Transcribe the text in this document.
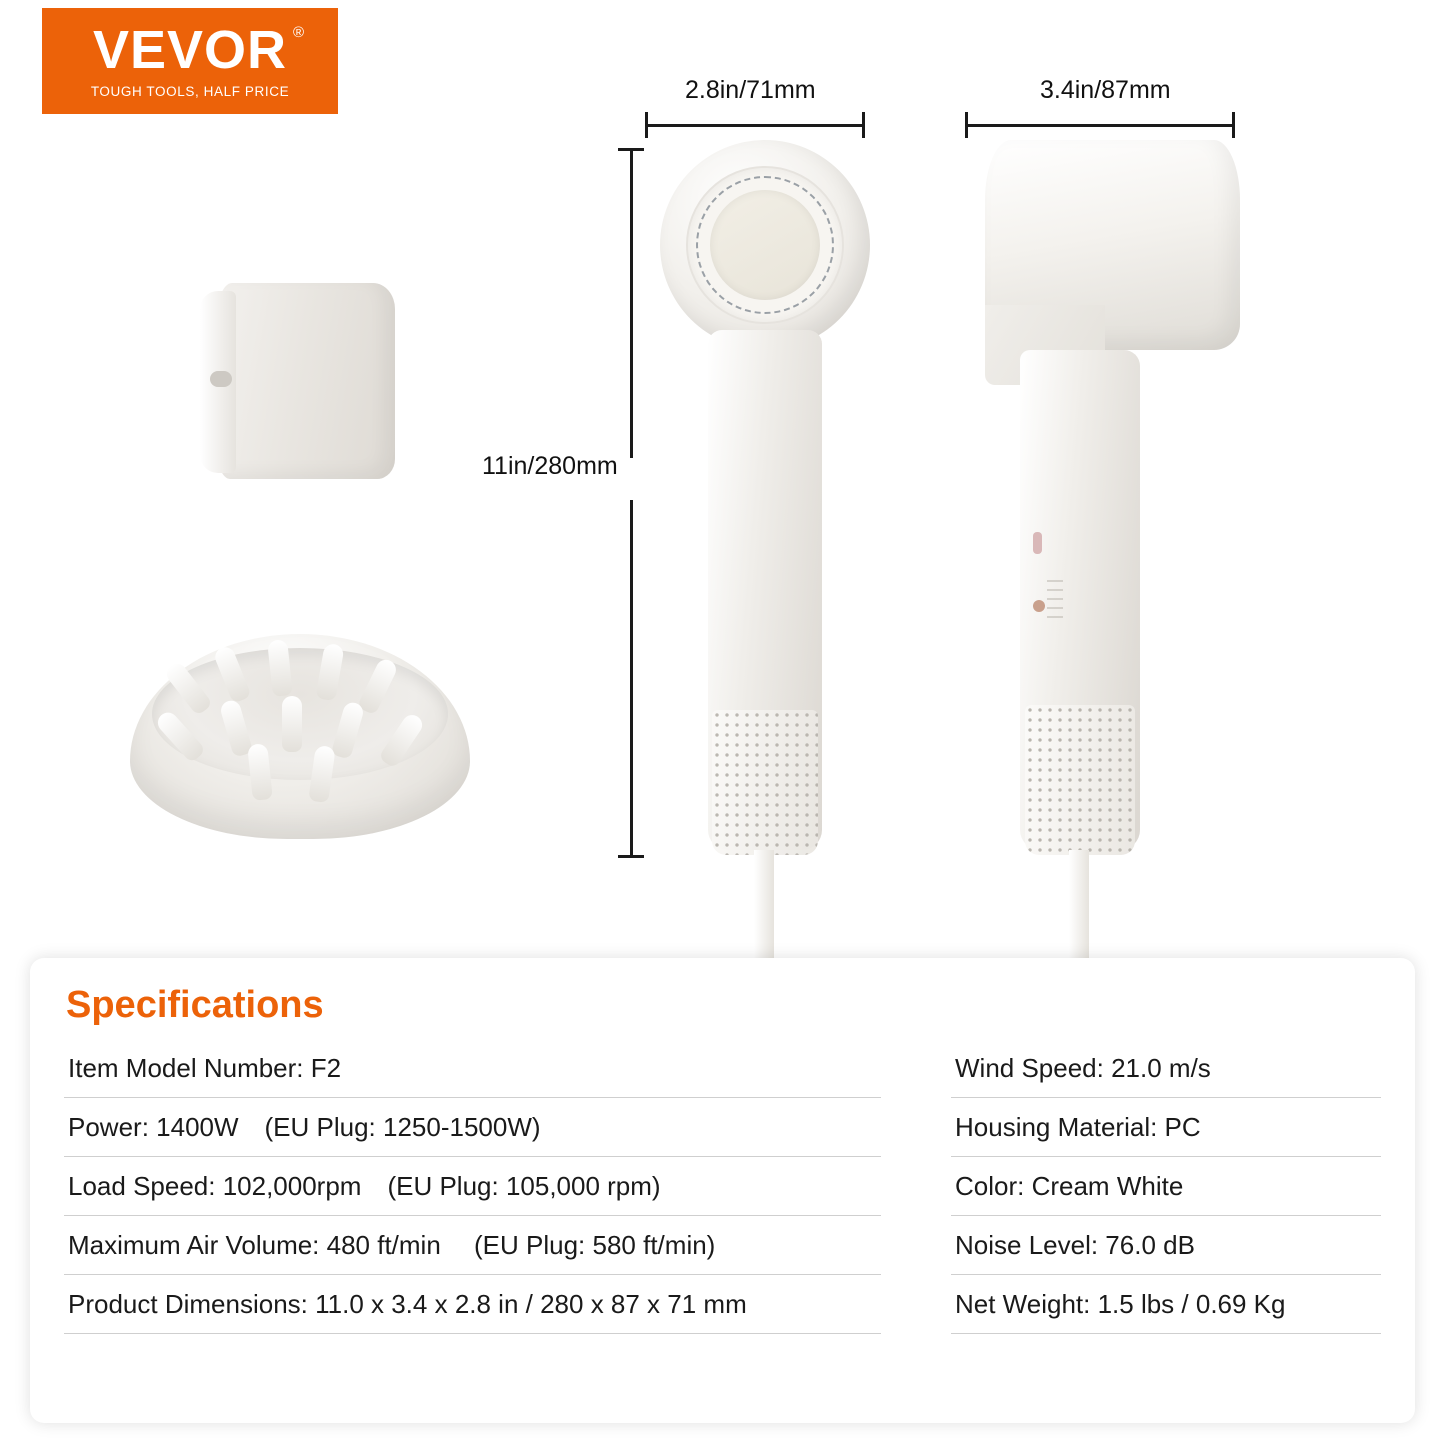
VEVOR ®
TOUGH TOOLS, HALF PRICE	2.8in/71mm	3.4in/87mm
11in/280mm
Specifications
Item Model Number: F2
Power: 1400W (EU Plug: 1250-1500W)
Load Speed: 102,000rpm (EU Plug: 105,000 rpm)
Maximum Air Volume: 480 ft/min  (EU Plug: 580 ft/min)
Product Dimensions: 11.0 x 3.4 x 2.8 in / 280 x 87 x 71 mm
Wind Speed: 21.0 m/s
Housing Material: PC
Color: Cream White
Noise Level: 76.0 dB
Net Weight: 1.5 lbs / 0.69 Kg
